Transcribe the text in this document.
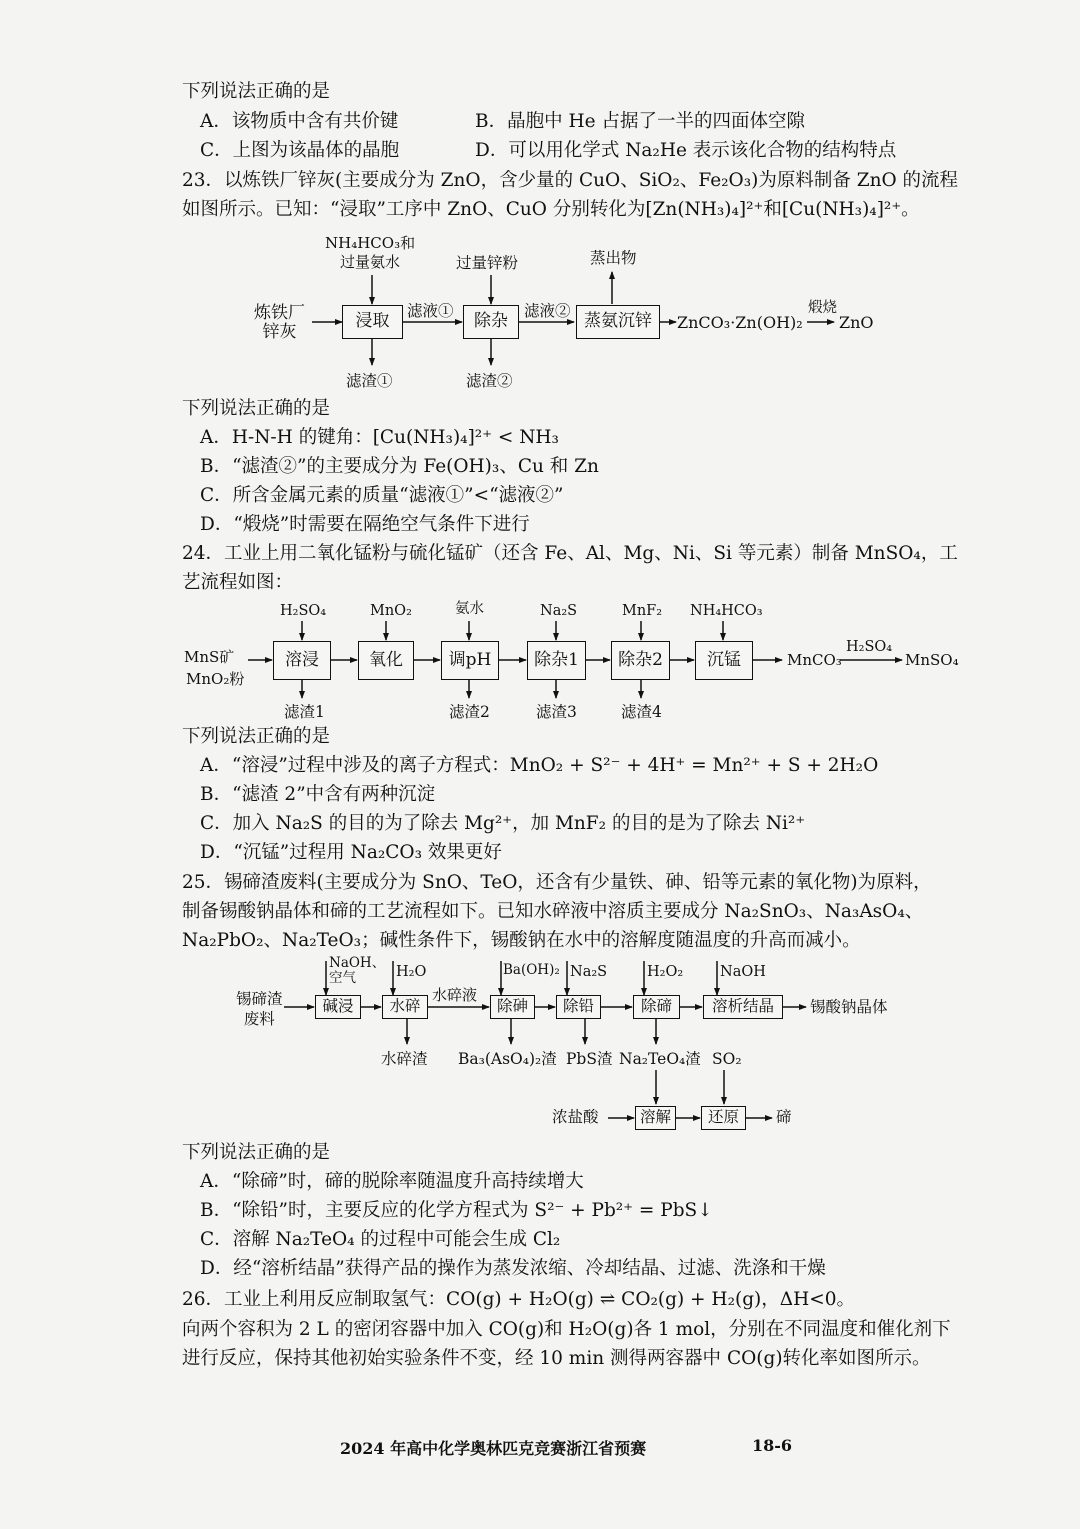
下列说法正确的是
A．该物质中含有共价键	B．晶胞中 He 占据了一半的四面体空隙
C．上图为该晶体的晶胞	D．可以用化学式 Na₂He 表示该化合物的结构特点
23．以炼铁厂锌灰(主要成分为 ZnO，含少量的 CuO、SiO₂、Fe₂O₃)为原料制备 ZnO 的流程
如图所示。已知：“浸取”工序中 ZnO、CuO 分别转化为[Zn(NH₃)₄]²⁺和[Cu(NH₃)₄]²⁺。
炼铁厂
锌灰
NH₄HCO₃和
过量氨水
浸取	滤液①
滤渣①
过量锌粉
除杂	滤液②
滤渣②
蒸出物
蒸氨沉锌	ZnCO₃·Zn(OH)₂
煅烧
ZnO
下列说法正确的是
A．H-N-H 的键角：[Cu(NH₃)₄]²⁺ < NH₃
B．“滤渣②”的主要成分为 Fe(OH)₃、Cu 和 Zn
C．所含金属元素的质量“滤液①”<“滤液②”
D．“煅烧”时需要在隔绝空气条件下进行
24．工业上用二氧化锰粉与硫化锰矿（还含 Fe、Al、Mg、Ni、Si 等元素）制备 MnSO₄，工
艺流程如图：
MnS矿
MnO₂粉
H₂SO₄	MnO₂	氨水	Na₂S	MnF₂ NH₄HCO₃
溶浸	氧化	调pH	除杂1	除杂2	沉锰
滤渣1	滤渣2	滤渣3	滤渣4
MnCO₃
H₂SO₄
MnSO₄
下列说法正确的是
A．“溶浸”过程中涉及的离子方程式：MnO₂ + S²⁻ + 4H⁺ = Mn²⁺ + S + 2H₂O
B．“滤渣 2”中含有两种沉淀
C．加入 Na₂S 的目的为了除去 Mg²⁺，加 MnF₂ 的目的是为了除去 Ni²⁺
D．“沉锰”过程用 Na₂CO₃ 效果更好
25．锡碲渣废料(主要成分为 SnO、TeO，还含有少量铁、砷、铅等元素的氧化物)为原料，
制备锡酸钠晶体和碲的工艺流程如下。已知水碎液中溶质主要成分 Na₂SnO₃、Na₃AsO₄、
Na₂PbO₂、Na₂TeO₃；碱性条件下，锡酸钠在水中的溶解度随温度的升高而减小。
锡碲渣
废料
NaOH、
空气	H₂O	Ba(OH)₂ Na₂S	H₂O₂	NaOH
碱浸	水碎
水碎液
除砷	除铅	除碲	溶析结晶	锡酸钠晶体
水碎渣 Ba₃(AsO₄)₂渣 PbS渣 Na₂TeO₄渣 SO₂
浓盐酸	溶解	还原	碲
下列说法正确的是
A．“除碲”时，碲的脱除率随温度升高持续增大
B．“除铅”时，主要反应的化学方程式为 S²⁻ + Pb²⁺ = PbS↓
C．溶解 Na₂TeO₄ 的过程中可能会生成 Cl₂
D．经“溶析结晶”获得产品的操作为蒸发浓缩、冷却结晶、过滤、洗涤和干燥
26．工业上利用反应制取氢气：CO(g) + H₂O(g) ⇌ CO₂(g) + H₂(g)，ΔH<0。
向两个容积为 2 L 的密闭容器中加入 CO(g)和 H₂O(g)各 1 mol，分别在不同温度和催化剂下
进行反应，保持其他初始实验条件不变，经 10 min 测得两容器中 CO(g)转化率如图所示。
2024 年高中化学奥林匹克竞赛浙江省预赛	18-6
